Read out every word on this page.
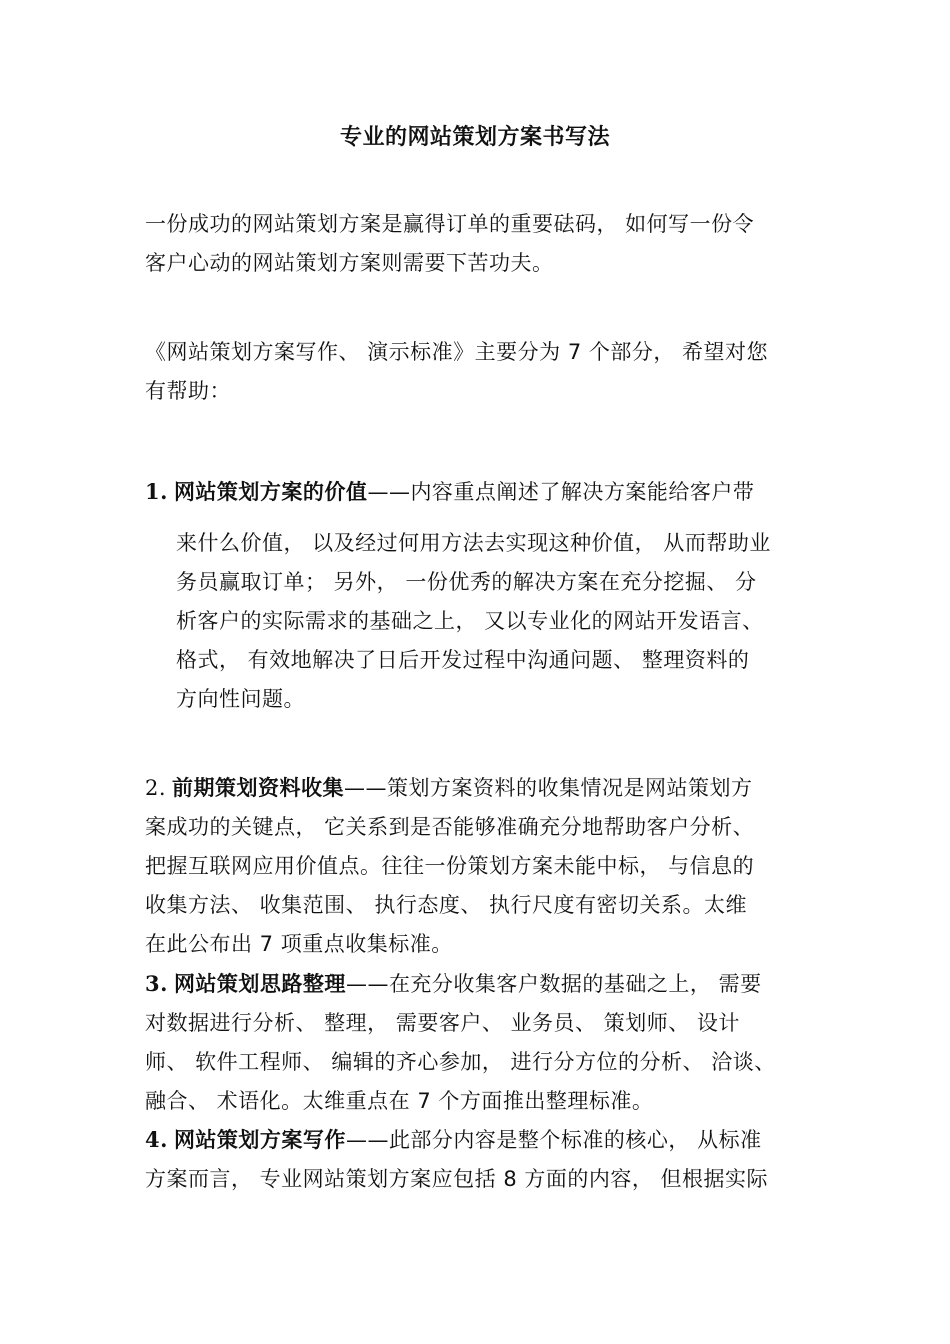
专业的网站策划方案书写法
一份成功的网站策划方案是赢得订单的重要砝码， 如何写一份令
客户心动的网站策划方案则需要下苦功夫。
《网站策划方案写作、 演示标准》主要分为 7 个部分， 希望对您
有帮助：
1. 网站策划方案的价值——内容重点阐述了解决方案能给客户带
来什么价值， 以及经过何用方法去实现这种价值， 从而帮助业
务员赢取订单； 另外， 一份优秀的解决方案在充分挖掘、 分
析客户的实际需求的基础之上， 又以专业化的网站开发语言、
格式， 有效地解决了日后开发过程中沟通问题、 整理资料的
方向性问题。
2. 前期策划资料收集——策划方案资料的收集情况是网站策划方
案成功的关键点， 它关系到是否能够准确充分地帮助客户分析、
把握互联网应用价值点。往往一份策划方案未能中标， 与信息的
收集方法、 收集范围、 执行态度、 执行尺度有密切关系。太维
在此公布出 7 项重点收集标准。
3. 网站策划思路整理——在充分收集客户数据的基础之上， 需要
对数据进行分析、 整理， 需要客户、 业务员、 策划师、 设计
师、 软件工程师、 编辑的齐心参加， 进行分方位的分析、 洽谈、
融合、 术语化。太维重点在 7 个方面推出整理标准。
4. 网站策划方案写作——此部分内容是整个标准的核心， 从标准
方案而言， 专业网站策划方案应包括 8 方面的内容， 但根据实际
